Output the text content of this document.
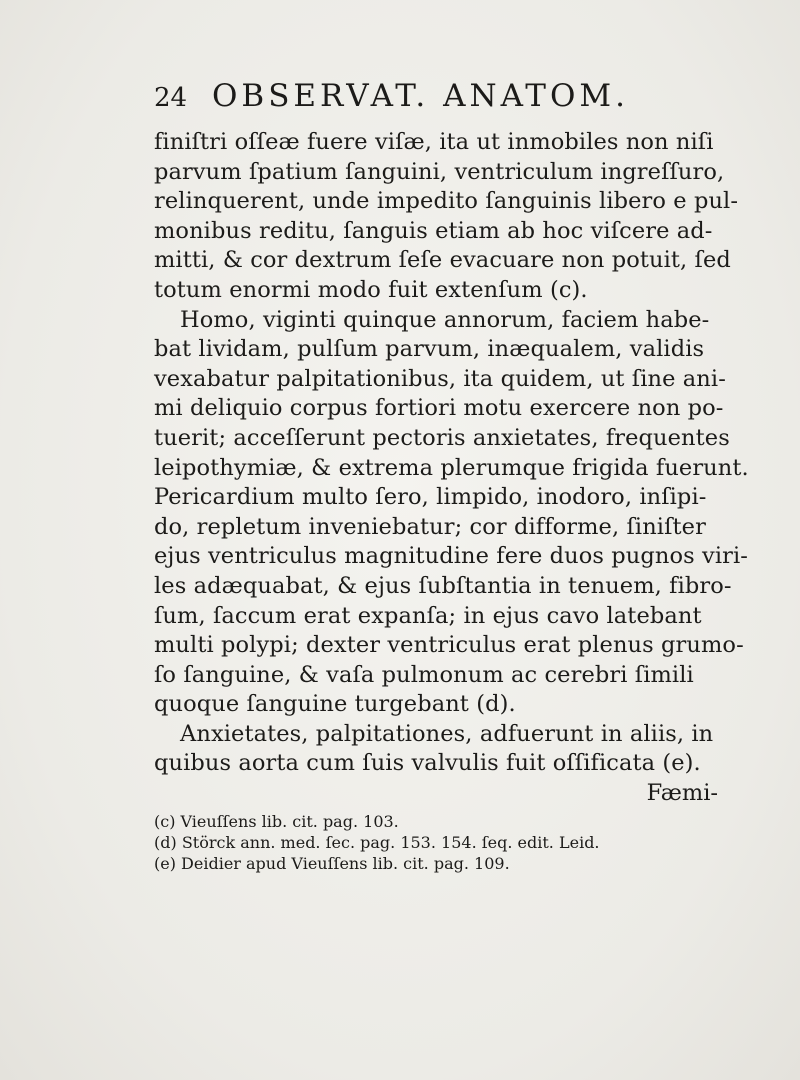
24 OBSERVAT. ANATOM.
finiſtri oſſeæ fuere viſæ, ita ut inmobiles non niſi
parvum ſpatium ſanguini, ventriculum ingreſſuro,
relinquerent, unde impedito ſanguinis libero e pul-
monibus reditu, ſanguis etiam ab hoc viſcere ad-
mitti, & cor dextrum ſeſe evacuare non potuit, ſed
totum enormi modo fuit extenſum (c).
Homo, viginti quinque annorum, faciem habe-
bat lividam, pulſum parvum, inæqualem, validis
vexabatur palpitationibus, ita quidem, ut ſine ani-
mi deliquio corpus fortiori motu exercere non po-
tuerit; acceſſerunt pectoris anxietates, frequentes
leipothymiæ, & extrema plerumque frigida fuerunt.
Pericardium multo ſero, limpido, inodoro, inſipi-
do, repletum inveniebatur; cor difforme, ſiniſter
ejus ventriculus magnitudine fere duos pugnos viri-
les adæquabat, & ejus ſubſtantia in tenuem, fibro-
ſum, ſaccum erat expanſa; in ejus cavo latebant
multi polypi; dexter ventriculus erat plenus grumo-
ſo ſanguine, & vaſa pulmonum ac cerebri ſimili
quoque ſanguine turgebant (d).
Anxietates, palpitationes, adfuerunt in aliis, in
quibus aorta cum ſuis valvulis fuit oſſificata (e).
Fæmi-
(c) Vieuſſens lib. cit. pag. 103.
(d) Störck ann. med. ſec. pag. 153. 154. ſeq. edit. Leid.
(e) Deidier apud Vieuſſens lib. cit. pag. 109.
